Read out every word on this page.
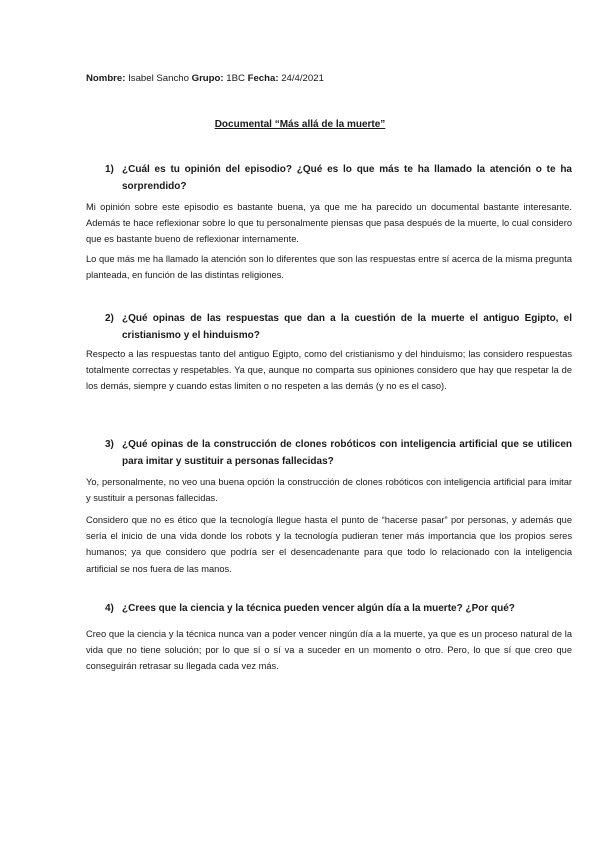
Nombre: Isabel Sancho Grupo: 1BC Fecha: 24/4/2021
Documental “Más allá de la muerte”
1) ¿Cuál es tu opinión del episodio? ¿Qué es lo que más te ha llamado la atención o te ha sorprendido?
Mi opinión sobre este episodio es bastante buena, ya que me ha parecido un documental bastante interesante. Además te hace reflexionar sobre lo que tu personalmente piensas que pasa después de la muerte, lo cual considero que es bastante bueno de reflexionar internamente.
Lo que más me ha llamado la atención son lo diferentes que son las respuestas entre sí acerca de la misma pregunta planteada, en función de las distintas religiones.
2) ¿Qué opinas de las respuestas que dan a la cuestión de la muerte el antiguo Egipto, el cristianismo y el hinduismo?
Respecto a las respuestas tanto del antiguo Egipto, como del cristianismo y del hinduismo; las considero respuestas totalmente correctas y respetables. Ya que, aunque no comparta sus opiniones considero que hay que respetar la de los demás, siempre y cuando estas limiten o no respeten a las demás (y no es el caso).
3) ¿Qué opinas de la construcción de clones robóticos con inteligencia artificial que se utilicen para imitar y sustituir a personas fallecidas?
Yo, personalmente, no veo una buena opción la construcción de clones robóticos con inteligencia artificial para imitar y sustituir a personas fallecidas.
Considero que no es ético que la tecnología llegue hasta el punto de “hacerse pasar” por personas, y además que sería el inicio de una vida donde los robots y la tecnología pudieran tener más importancia que los propios seres humanos; ya que considero que podría ser el desencadenante para que todo lo relacionado con la inteligencia artificial se nos fuera de las manos.
4) ¿Crees que la ciencia y la técnica pueden vencer algún día a la muerte? ¿Por qué?
Creo que la ciencia y la técnica nunca van a poder vencer ningún día a la muerte, ya que es un proceso natural de la vida que no tiene solución; por lo que sí o sí va a suceder en un momento o otro. Pero, lo que sí que creo que conseguirán retrasar su llegada cada vez más.
